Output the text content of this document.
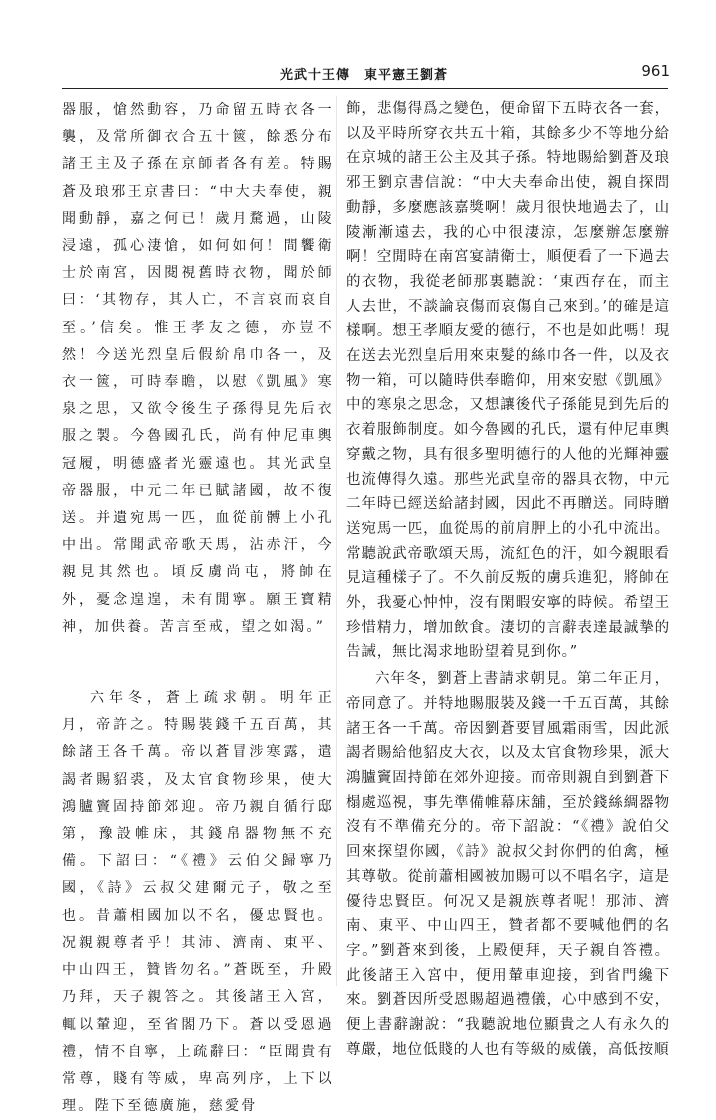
光武十王傳　東平憲王劉蒼	961

器服，愴然動容，乃命留五時衣各一襲，及常所御衣合五十篋，餘悉分布諸王主及子孫在京師者各有差。特賜蒼及琅邪王京書曰：“中大夫奉使，親聞動靜，嘉之何已！歲月騖過，山陵浸遠，孤心淒愴，如何如何！間饗衛士於南宮，因閱視舊時衣物，聞於師曰：‘其物存，其人亡，不言哀而哀自至。’信矣。惟王孝友之德，亦豈不然！今送光烈皇后假紒帛巾各一，及衣一篋，可時奉瞻，以慰《凱風》寒泉之思，又欲令後生子孫得見先后衣服之製。今魯國孔氏，尚有仲尼車輿冠履，明德盛者光靈遠也。其光武皇帝器服，中元二年已賦諸國，故不復送。并遺宛馬一匹，血從前髆上小孔中出。常聞武帝歌天馬，沾赤汗，今親見其然也。頃反虜尚屯，將帥在外，憂念遑遑，未有閒寧。願王寶精神，加供養。苦言至戒，望之如渴。”

六年冬，蒼上疏求朝。明年正月，帝許之。特賜裝錢千五百萬，其餘諸王各千萬。帝以蒼冒涉寒露，遣謁者賜貂裘，及太官食物珍果，使大鴻臚竇固持節郊迎。帝乃親自循行邸第，豫設帷床，其錢帛器物無不充備。下詔曰：“《禮》云伯父歸寧乃國，《詩》云叔父建爾元子，敬之至也。昔蕭相國加以不名，優忠賢也。况親親尊者乎！其沛、濟南、東平、中山四王，贊皆勿名。”蒼既至，升殿乃拜，天子親答之。其後諸王入宮，輒以輦迎，至省閤乃下。蒼以受恩過禮，情不自寧，上疏辭曰：“臣聞貴有常尊，賤有等威，卑高列序，上下以理。陛下至德廣施，慈愛骨

飾，悲傷得爲之變色，便命留下五時衣各一套，以及平時所穿衣共五十箱，其餘多少不等地分給在京城的諸王公主及其子孫。特地賜給劉蒼及琅邪王劉京書信說：“中大夫奉命出使，親自探問動靜，多麼應該嘉獎啊！歲月很快地過去了，山陵漸漸遠去，我的心中很淒涼，怎麼辦怎麼辦啊！空閒時在南宮宴請衛士，順便看了一下過去的衣物，我從老師那裏聽說：‘東西存在，而主人去世，不談論哀傷而哀傷自己來到。’的確是這樣啊。想王孝順友愛的德行，不也是如此嗎！現在送去光烈皇后用來束髮的絲巾各一件，以及衣物一箱，可以隨時供奉瞻仰，用來安慰《凱風》中的寒泉之思念，又想讓後代子孫能見到先后的衣着服飾制度。如今魯國的孔氏，還有仲尼車輿穿戴之物，具有很多聖明德行的人他的光輝神靈也流傳得久遠。那些光武皇帝的器具衣物，中元二年時已經送給諸封國，因此不再贈送。同時贈送宛馬一匹，血從馬的前肩胛上的小孔中流出。常聽說武帝歌頌天馬，流紅色的汗，如今親眼看見這種樣子了。不久前反叛的虜兵進犯，將帥在外，我憂心忡忡，沒有閑暇安寧的時候。希望王珍惜精力，增加飲食。淒切的言辭表達最誠摯的告誡，無比渴求地盼望着見到你。”

六年冬，劉蒼上書請求朝見。第二年正月，帝同意了。并特地賜服裝及錢一千五百萬，其餘諸王各一千萬。帝因劉蒼要冒風霜雨雪，因此派謁者賜給他貂皮大衣，以及太官食物珍果，派大鴻臚竇固持節在郊外迎接。而帝則親自到劉蒼下榻處巡視，事先準備帷幕床舖，至於錢絲綢器物沒有不準備充分的。帝下詔說：“《禮》說伯父回來探望你國，《詩》說叔父封你們的伯禽，極其尊敬。從前蕭相國被加賜可以不唱名字，這是優待忠賢臣。何况又是親族尊者呢！那沛、濟南、東平、中山四王，贊者都不要喊他們的名字。”劉蒼來到後，上殿便拜，天子親自答禮。此後諸王入宮中，便用輦車迎接，到省門纔下來。劉蒼因所受恩賜超過禮儀，心中感到不安，便上書辭謝說：“我聽說地位顯貴之人有永久的尊嚴，地位低賤的人也有等級的威儀，高低按順
